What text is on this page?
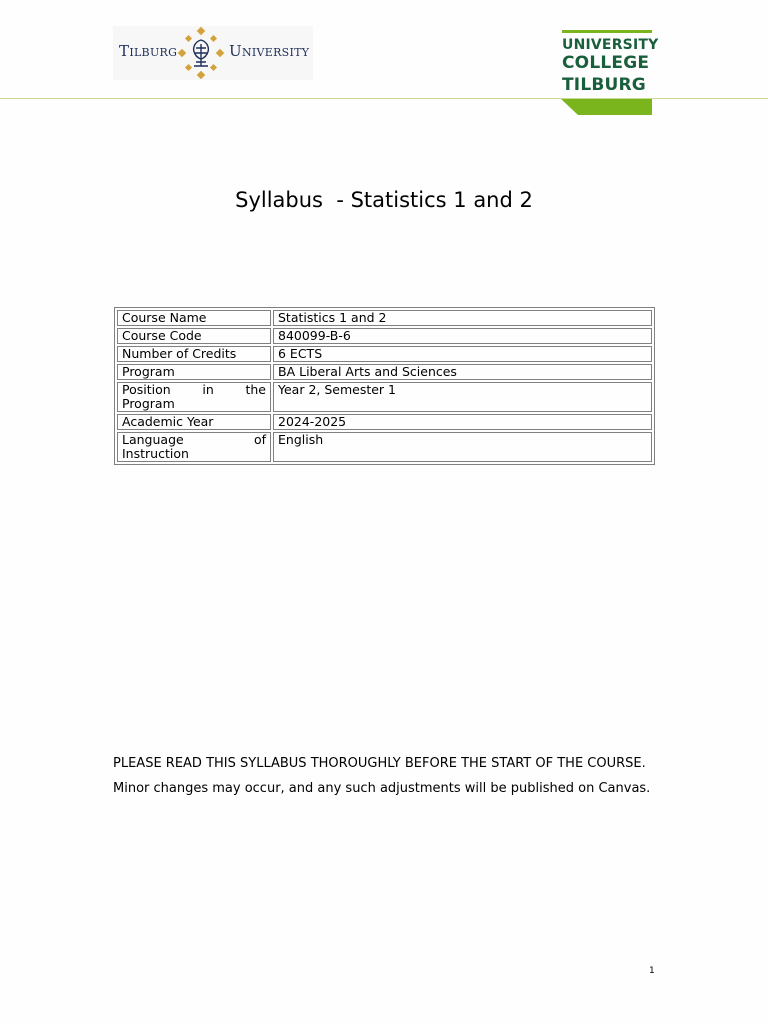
TILBURG	UNIVERSITY	UNIVERSITY
COLLEGE
TILBURG
Syllabus  - Statistics 1 and 2
Course Name	Statistics 1 and 2
Course Code	840099-B-6
Number of Credits	6 ECTS
Program	BA Liberal Arts and Sciences

Position in the
Program	Year 2, Semester 1
Academic Year	2024-2025

Language of
Instruction	English

PLEASE READ THIS SYLLABUS THOROUGHLY BEFORE THE START OF THE COURSE.

Minor changes may occur, and any such adjustments will be published on Canvas.

1
